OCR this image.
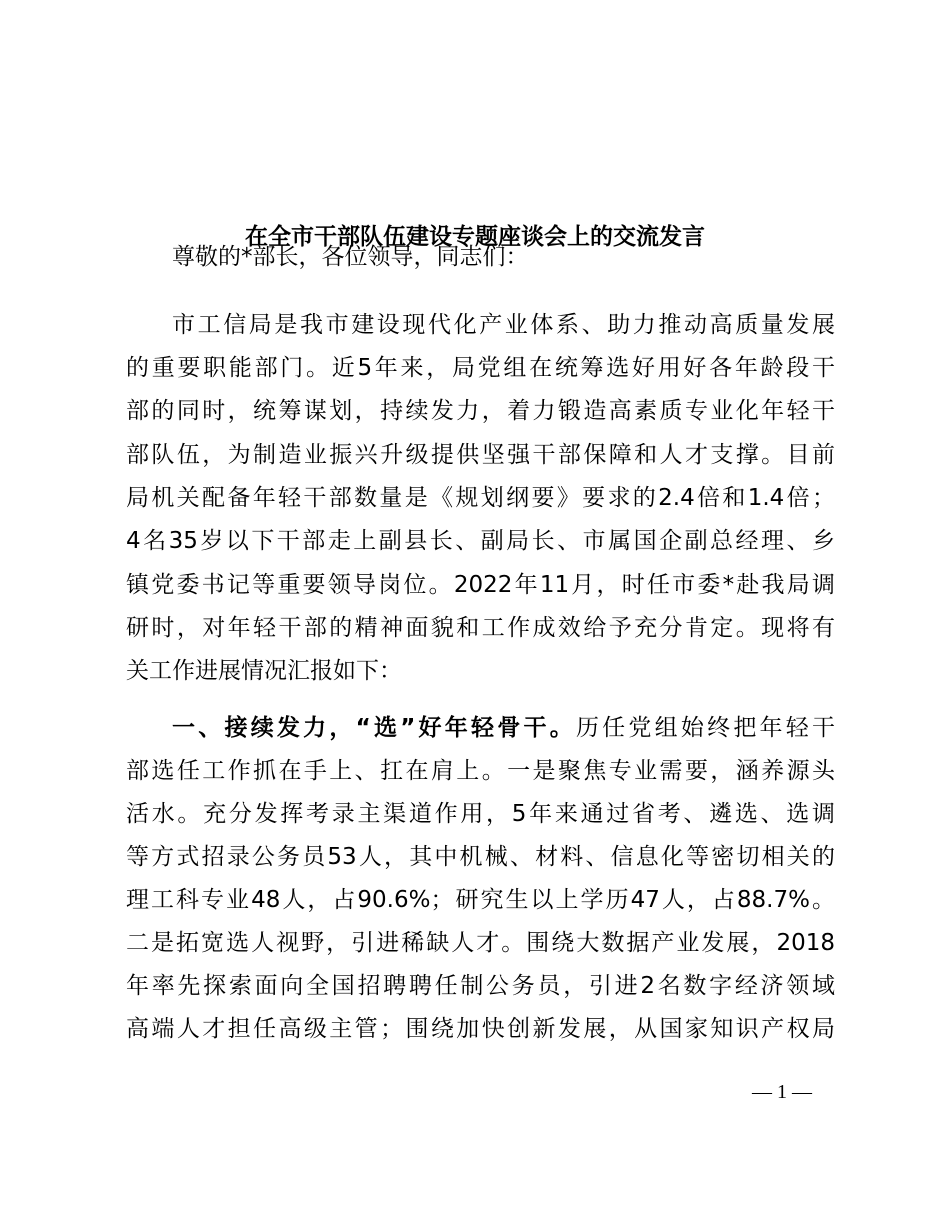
在全市干部队伍建设专题座谈会上的交流发言
尊敬的*部长，各位领导，同志们：
市工信局是我市建设现代化产业体系、助力推动高质量发展
的重要职能部门。近5年来，局党组在统筹选好用好各年龄段干
部的同时，统筹谋划，持续发力，着力锻造高素质专业化年轻干
部队伍，为制造业振兴升级提供坚强干部保障和人才支撑。目前
局机关配备年轻干部数量是《规划纲要》要求的2.4倍和1.4倍；
4名35岁以下干部走上副县长、副局长、市属国企副总经理、乡
镇党委书记等重要领导岗位。2022年11月，时任市委*赴我局调
研时，对年轻干部的精神面貌和工作成效给予充分肯定。现将有
关工作进展情况汇报如下：
一、接续发力，“选”好年轻骨干。历任党组始终把年轻干
部选任工作抓在手上、扛在肩上。一是聚焦专业需要，涵养源头
活水。充分发挥考录主渠道作用，5年来通过省考、遴选、选调
等方式招录公务员53人，其中机械、材料、信息化等密切相关的
理工科专业48人，占90.6%；研究生以上学历47人，占88.7%。
二是拓宽选人视野，引进稀缺人才。围绕大数据产业发展，2018
年率先探索面向全国招聘聘任制公务员，引进2名数字经济领域
高端人才担任高级主管；围绕加快创新发展，从国家知识产权局
— 1 —
